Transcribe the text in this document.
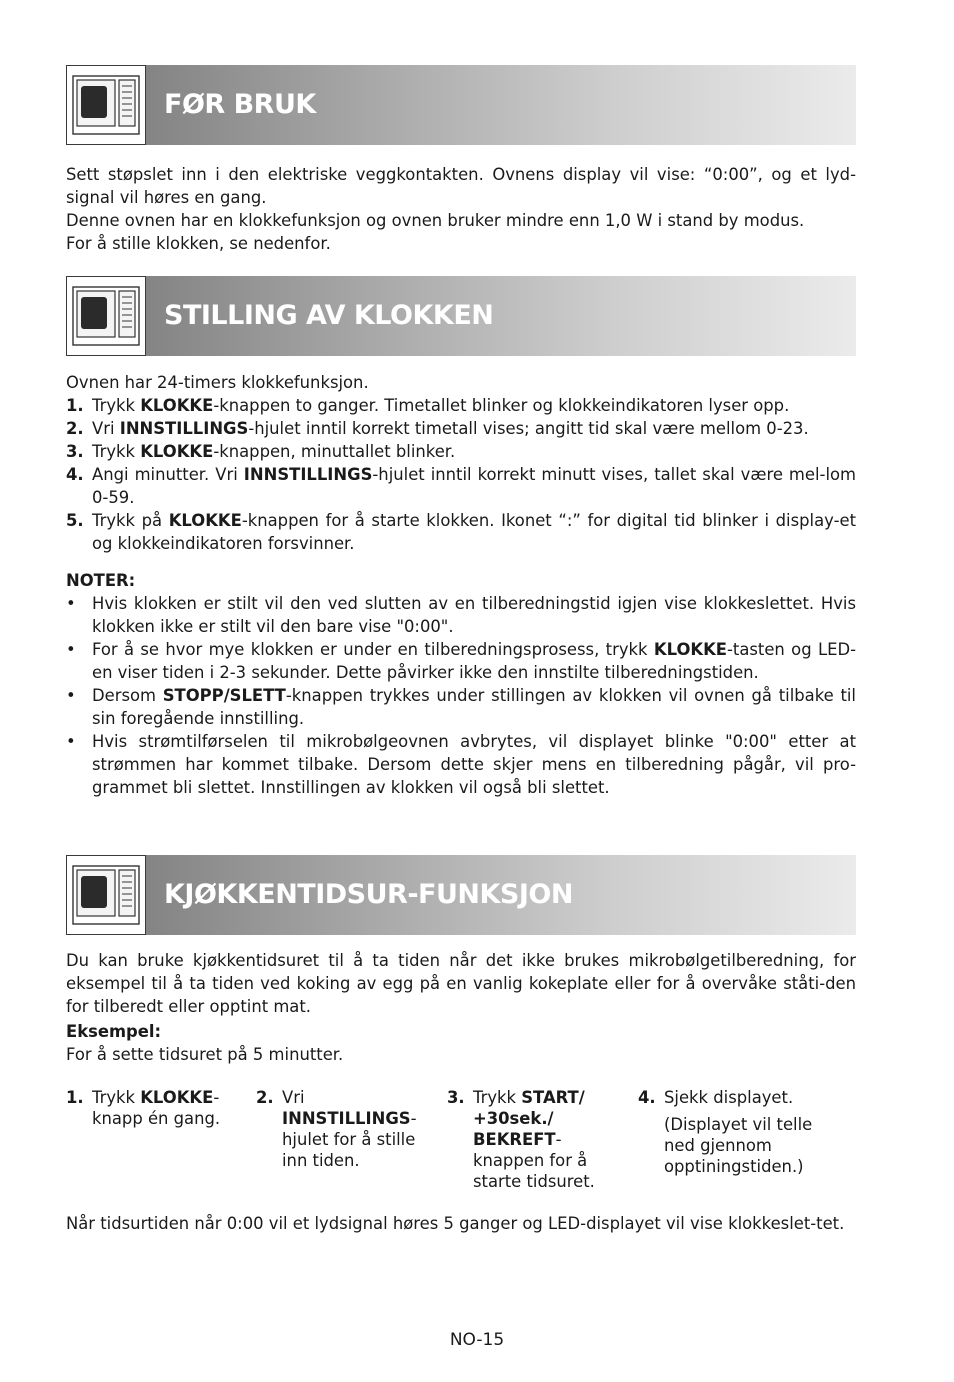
FØR BRUK

Sett støpslet inn i den elektriske veggkontakten. Ovnens display vil vise: “0:00”, og et lyd-signal vil høres en gang.

Denne ovnen har en klokkefunksjon og ovnen bruker mindre enn 1,0 W i stand by modus.

For å stille klokken, se nedenfor.

STILLING AV KLOKKEN

Ovnen har 24-timers klokkefunksjon.

1. Trykk KLOKKE-knappen to ganger. Timetallet blinker og klokkeindikatoren lyser opp.
2. Vri INNSTILLINGS-hjulet inntil korrekt timetall vises; angitt tid skal være mellom 0-23.
3. Trykk KLOKKE-knappen, minuttallet blinker.
4. Angi minutter. Vri INNSTILLINGS-hjulet inntil korrekt minutt vises, tallet skal være mel-lom 0-59.
5. Trykk på KLOKKE-knappen for å starte klokken. Ikonet “:” for digital tid blinker i display-et og klokkeindikatoren forsvinner.

NOTER:

• Hvis klokken er stilt vil den ved slutten av en tilberedningstid igjen vise klokkeslettet. Hvis klokken ikke er stilt vil den bare vise "0:00".
• For å se hvor mye klokken er under en tilberedningsprosess, trykk KLOKKE-tasten og LED-en viser tiden i 2-3 sekunder. Dette påvirker ikke den innstilte tilberedningstiden.
• Dersom STOPP/SLETT-knappen trykkes under stillingen av klokken vil ovnen gå tilbake til sin foregående innstilling.
• Hvis strømtilførselen til mikrobølgeovnen avbrytes, vil displayet blinke "0:00" etter at strømmen har kommet tilbake. Dersom dette skjer mens en tilberedning pågår, vil pro-grammet bli slettet. Innstillingen av klokken vil også bli slettet.
KJØKKENTIDSUR-FUNKSJON

Du kan bruke kjøkkentidsuret til å ta tiden når det ikke brukes mikrobølgetilberedning, for eksempel til å ta tiden ved koking av egg på en vanlig kokeplate eller for å overvåke ståti-den for tilberedt eller opptint mat.

Eksempel:

For å sette tidsuret på 5 minutter.

1. Trykk KLOKKE-knapp én gang.
2. Vri INNSTILLINGS-hjulet for å stille inn tiden.
3. Trykk START/ +30sek./ BEKREFT-knappen for å starte tidsuret.
4. Sjekk displayet.
(Displayet vil telle ned gjennom opptiningstiden.)

Når tidsurtiden når 0:00 vil et lydsignal høres 5 ganger og LED-displayet vil vise klokkeslet-tet.

NO-15
